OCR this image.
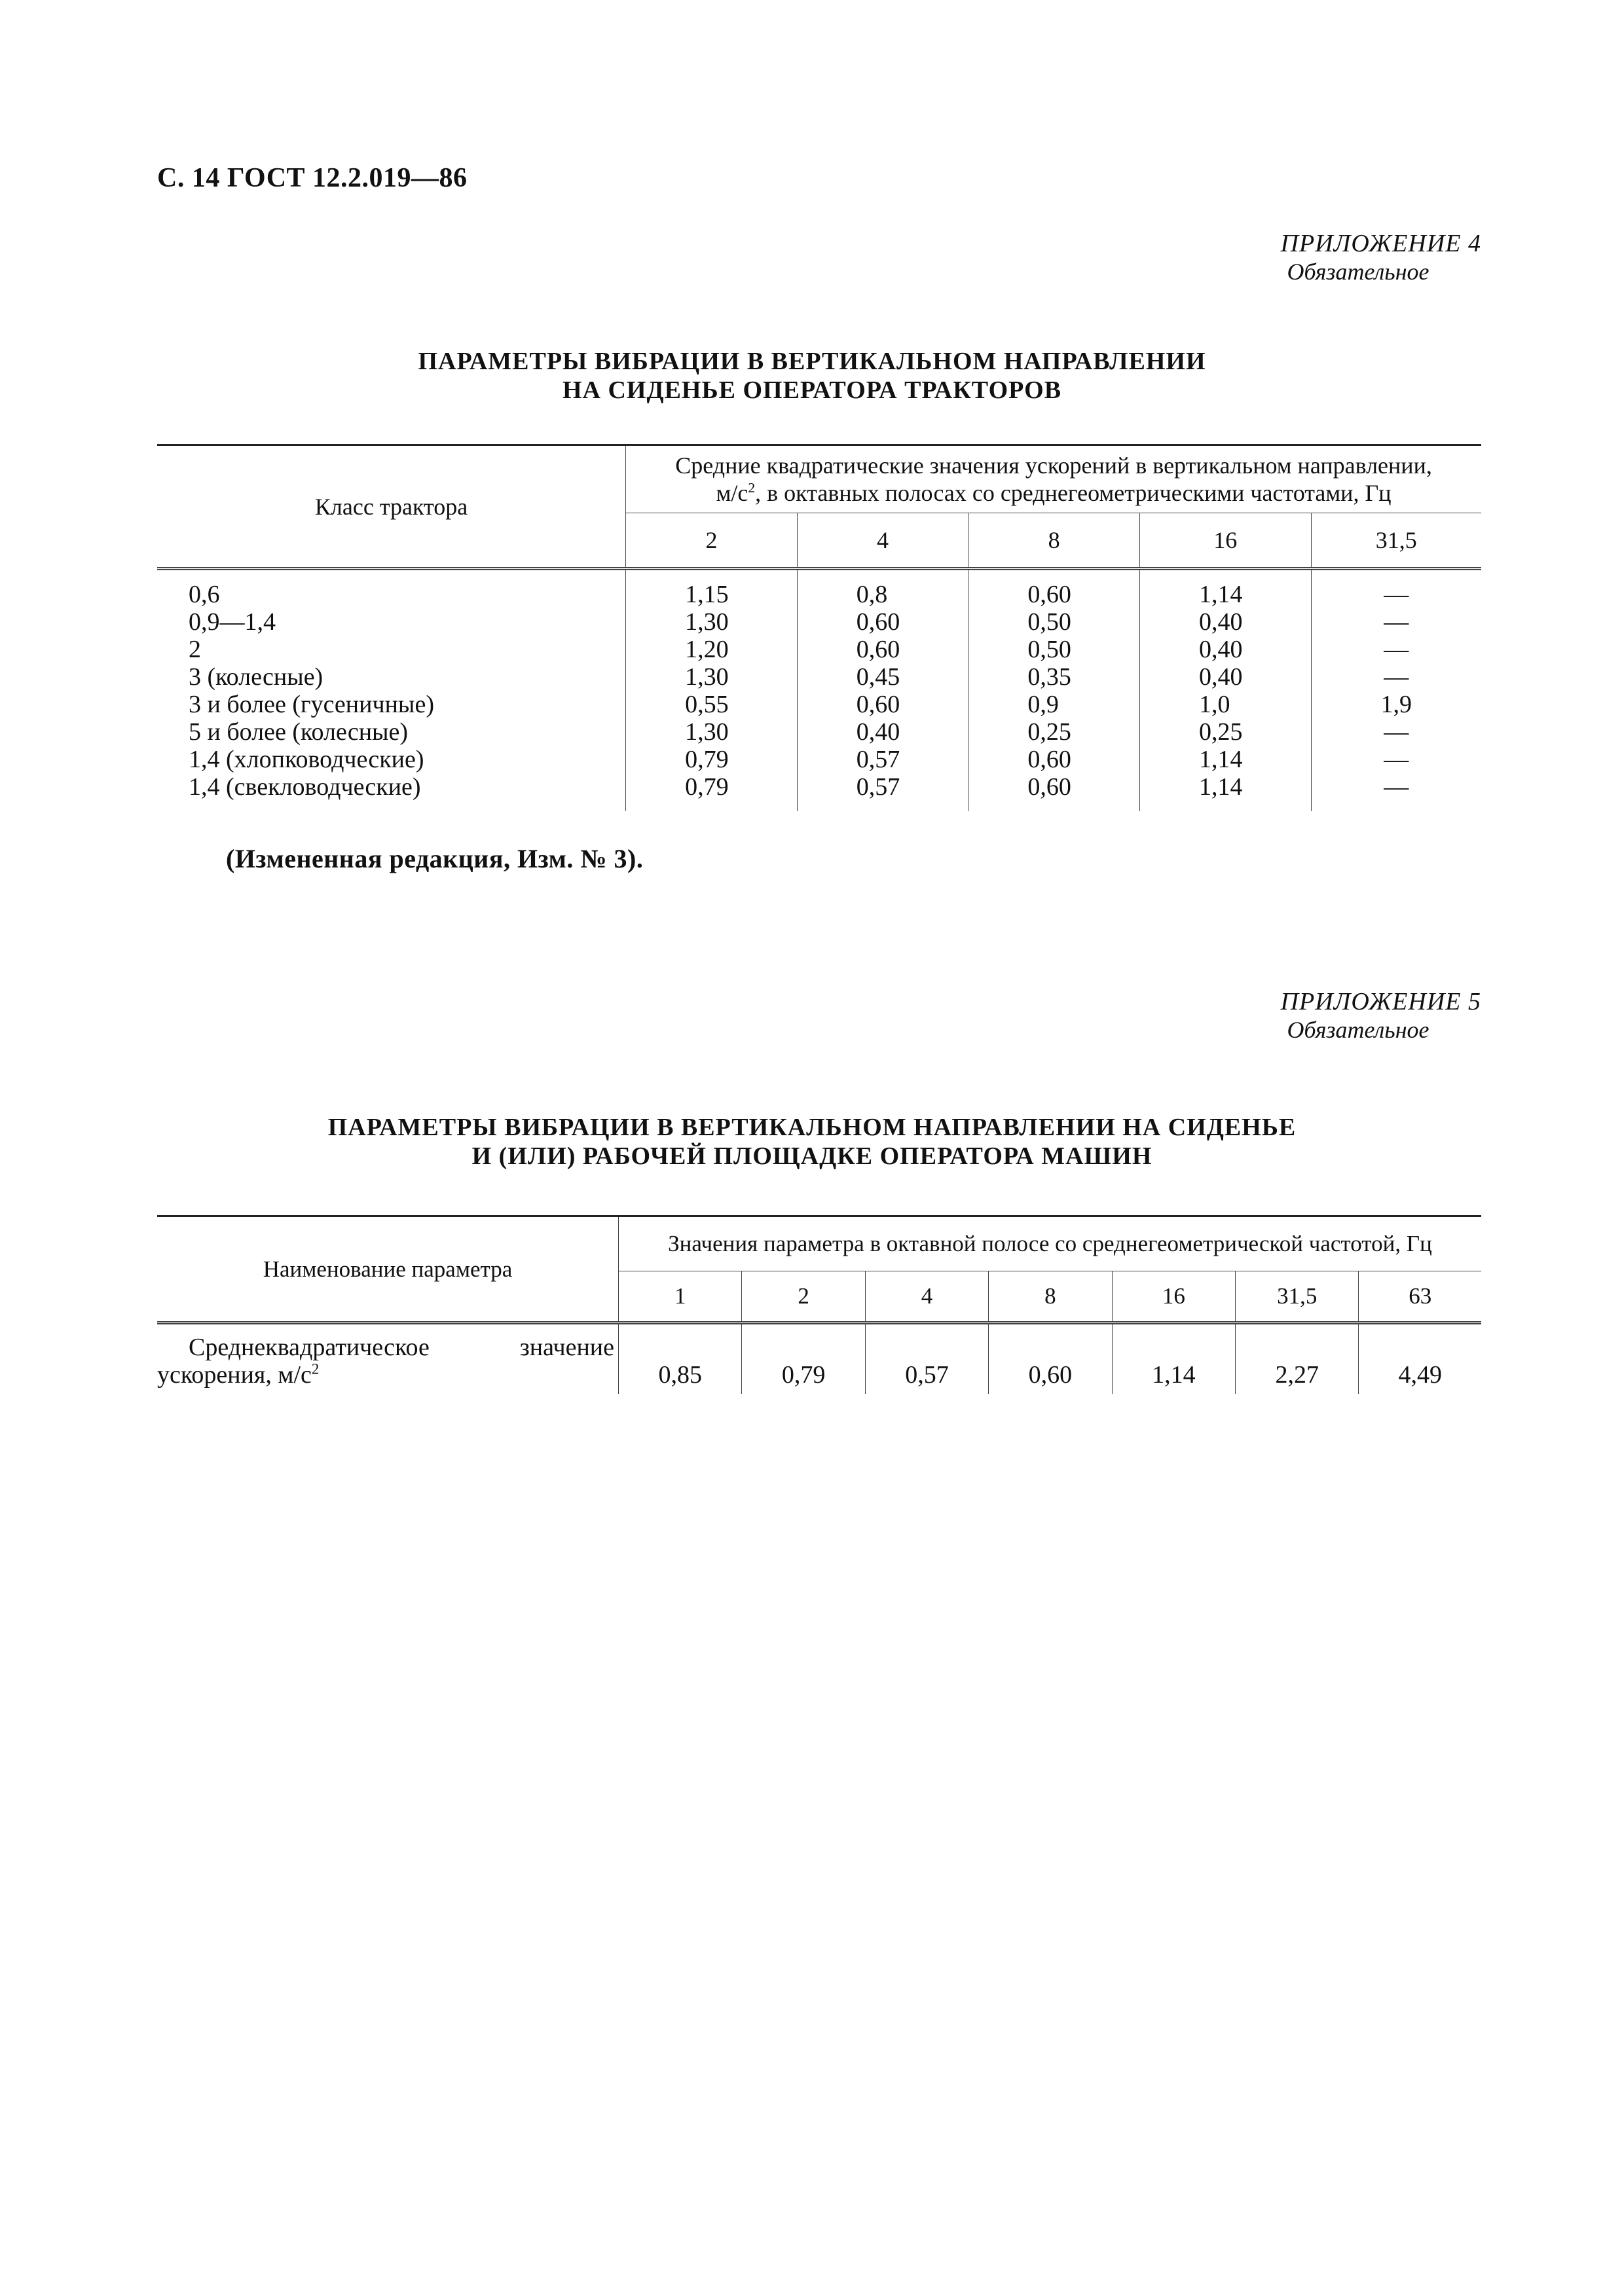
С. 14 ГОСТ 12.2.019—86
ПРИЛОЖЕНИЕ 4
Обязательное
ПАРАМЕТРЫ ВИБРАЦИИ В ВЕРТИКАЛЬНОМ НАПРАВЛЕНИИ
НА СИДЕНЬЕ ОПЕРАТОРА ТРАКТОРОВ
Класс трактора	Средние квадратические значения ускорений в вертикальном направлении,
$м/с^2$, в октавных полосах со среднегеометрическими частотами, Гц				
	2	4	8	16	31,5
0,6	1,15	0,8	0,60	1,14	—
0,9—1,4	1,30	0,60	0,50	0,40	—
2	1,20	0,60	0,50	0,40	—
3 (колесные)	1,30	0,45	0,35	0,40	—
3 и более (гусеничные)	0,55	0,60	0,9	1,0	1,9
5 и более (колесные)	1,30	0,40	0,25	0,25	—
1,4 (хлопководческие)	0,79	0,57	0,60	1,14	—
1,4 (свекловодческие)	0,79	0,57	0,60	1,14	—
(Измененная редакция, Изм. № 3).
ПРИЛОЖЕНИЕ 5
Обязательное
ПАРАМЕТРЫ ВИБРАЦИИ В ВЕРТИКАЛЬНОМ НАПРАВЛЕНИИ НА СИДЕНЬЕ
И (ИЛИ) РАБОЧЕЙ ПЛОЩАДКЕ ОПЕРАТОРА МАШИН
Наименование параметра	Значения параметра в октавной полосе со среднегеометрической частотой, Гц						
	1	2	4	8	16	31,5	63

Среднеквадратическое значение
ускорения, $м/с^2$	0,85	0,79	0,57	0,60	1,14	2,27	4,49
